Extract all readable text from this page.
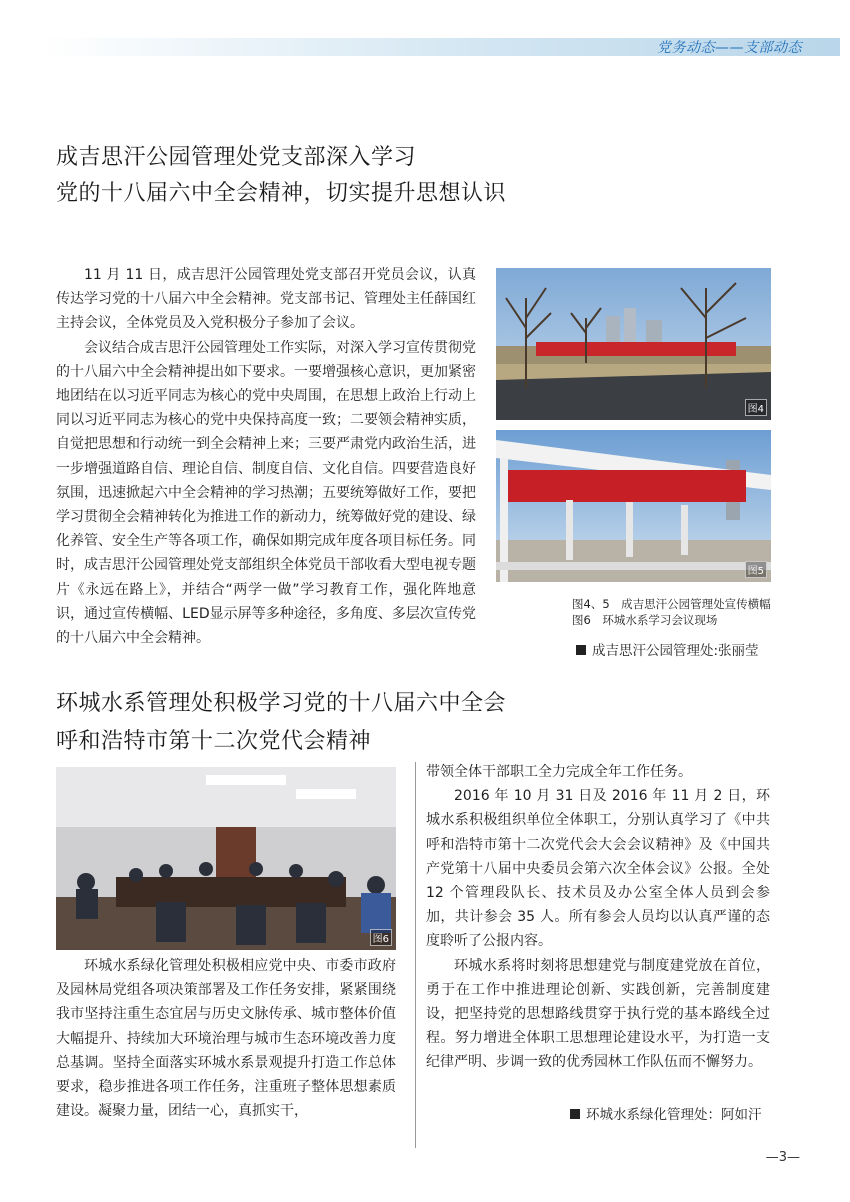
党务动态——支部动态
成吉思汗公园管理处党支部深入学习
党的十八届六中全会精神，切实提升思想认识

11 月 11 日，成吉思汗公园管理处党支部召开党员会议，认真传达学习党的十八届六中全会精神。党支部书记、管理处主任薛国红主持会议，全体党员及入党积极分子参加了会议。

会议结合成吉思汗公园管理处工作实际，对深入学习宣传贯彻党的十八届六中全会精神提出如下要求。一要增强核心意识，更加紧密地团结在以习近平同志为核心的党中央周围，在思想上政治上行动上同以习近平同志为核心的党中央保持高度一致；二要领会精神实质，自觉把思想和行动统一到全会精神上来；三要严肃党内政治生活，进一步增强道路自信、理论自信、制度自信、文化自信。四要营造良好氛围，迅速掀起六中全会精神的学习热潮；五要统筹做好工作，要把学习贯彻全会精神转化为推进工作的新动力，统筹做好党的建设、绿化养管、安全生产等各项工作，确保如期完成年度各项目标任务。同时，成吉思汗公园管理处党支部组织全体党员干部收看大型电视专题片《永远在路上》，并结合“两学一做”学习教育工作，强化阵地意识，通过宣传横幅、LED显示屏等多种途径，多角度、多层次宣传党的十八届六中全会精神。

图4
图5
图4、5　成吉思汗公园管理处宣传横幅
图6　环城水系学习会议现场
成吉思汗公园管理处:张丽莹
环城水系管理处积极学习党的十八届六中全会
呼和浩特市第十二次党代会精神
图6

环城水系绿化管理处积极相应党中央、市委市政府及园林局党组各项决策部署及工作任务安排，紧紧围绕我市坚持注重生态宜居与历史文脉传承、城市整体价值大幅提升、持续加大环境治理与城市生态环境改善力度总基调。坚持全面落实环城水系景观提升打造工作总体要求，稳步推进各项工作任务，注重班子整体思想素质建设。凝聚力量，团结一心，真抓实干，

带领全体干部职工全力完成全年工作任务。

2016 年 10 月 31 日及 2016 年 11 月 2 日，环城水系积极组织单位全体职工，分别认真学习了《中共呼和浩特市第十二次党代会大会会议精神》及《中国共产党第十八届中央委员会第六次全体会议》公报。全处 12 个管理段队长、技术员及办公室全体人员到会参加，共计参会 35 人。所有参会人员均以认真严谨的态度聆听了公报内容。

环城水系将时刻将思想建党与制度建党放在首位，勇于在工作中推进理论创新、实践创新，完善制度建设，把坚持党的思想路线贯穿于执行党的基本路线全过程。努力增进全体职工思想理论建设水平，为打造一支纪律严明、步调一致的优秀园林工作队伍而不懈努力。

环城水系绿化管理处：阿如汗
—3—
